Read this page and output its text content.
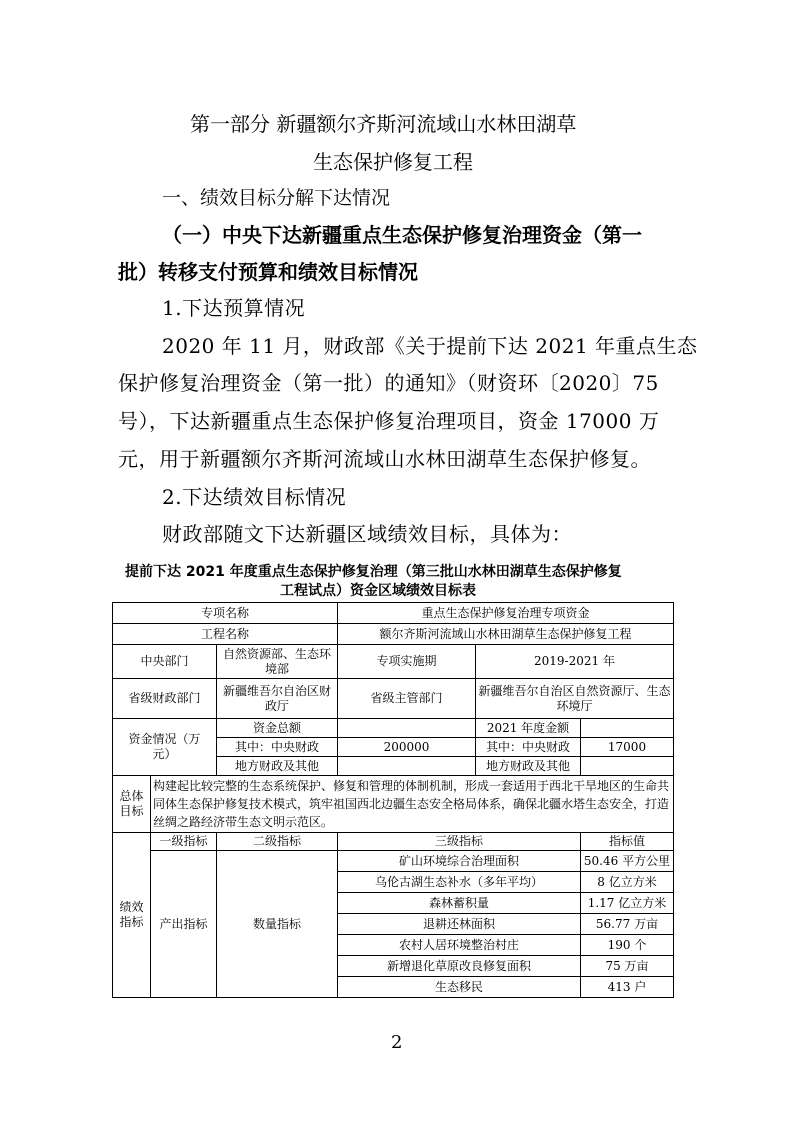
第一部分 新疆额尔齐斯河流域山水林田湖草
生态保护修复工程
一、绩效目标分解下达情况
（一）中央下达新疆重点生态保护修复治理资金（第一
批）转移支付预算和绩效目标情况
1.下达预算情况
2020 年 11 月，财政部《关于提前下达 2021 年重点生态
保护修复治理资金（第一批）的通知》（财资环〔2020〕75
号），下达新疆重点生态保护修复治理项目，资金 17000 万
元，用于新疆额尔齐斯河流域山水林田湖草生态保护修复。
2.下达绩效目标情况
财政部随文下达新疆区域绩效目标，具体为：
提前下达 2021 年度重点生态保护修复治理（第三批山水林田湖草生态保护修复
工程试点）资金区域绩效目标表
专项名称			重点生态保护修复治理专项资金		
工程名称			额尔齐斯河流域山水林田湖草生态保护修复工程		
中央部门		自然资源部、生态环境部	专项实施期	2019-2021 年	
省级财政部门		新疆维吾尔自治区财政厅	省级主管部门	新疆维吾尔自治区自然资源厅、生态环境厅	
资金情况（万元）		资金总额		2021 年度金额	
		其中：中央财政	200000	其中：中央财政	17000
		地方财政及其他		地方财政及其他	
总体目标	构建起比较完整的生态系统保护、修复和管理的体制机制，形成一套适用于西北干旱地区的生命共同体生态保护修复技术模式，筑牢祖国西北边疆生态安全格局体系，确保北疆水塔生态安全，打造丝绸之路经济带生态文明示范区。				
绩效指标	一级指标	二级指标	三级指标		指标值
	产出指标	数量指标	矿山环境综合治理面积		50.46 平方公里
			乌伦古湖生态补水（多年平均）		8 亿立方米
			森林蓄积量		1.17 亿立方米
			退耕还林面积		56.77 万亩
			农村人居环境整治村庄		190 个
			新增退化草原改良修复面积		75 万亩
			生态移民		413 户
2
